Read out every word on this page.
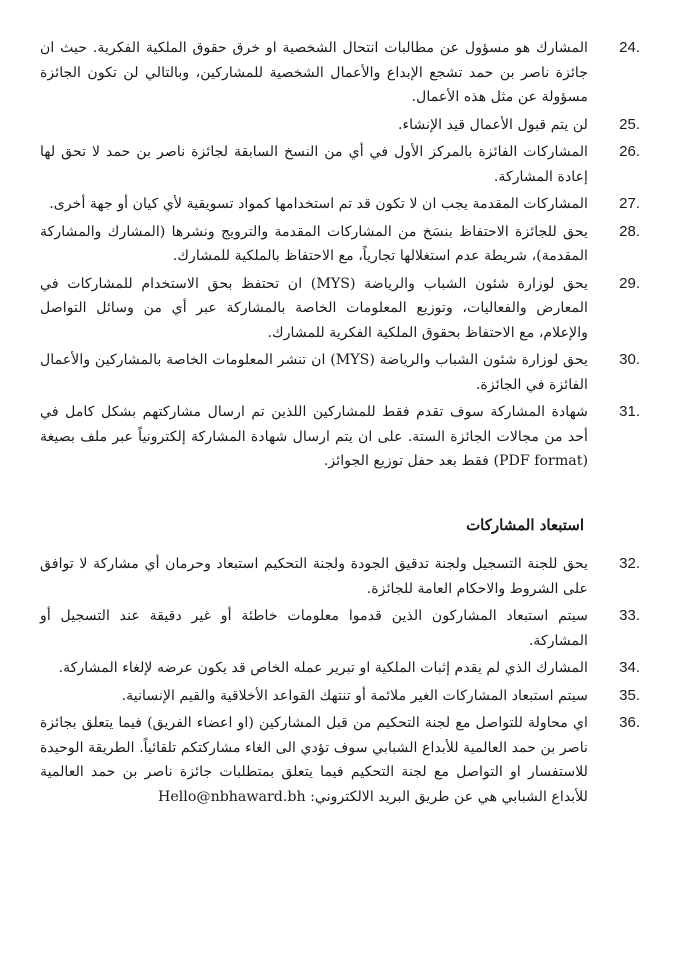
24.
المشارك هو مسؤول عن مطالبات انتحال الشخصية او خرق حقوق الملكية الفكرية. حيث ان جائزة ناصر بن حمد تشجع الإبداع والأعمال الشخصية للمشاركين، وبالتالي لن تكون الجائزة مسؤولة عن مثل هذه الأعمال.
25.
لن يتم قبول الأعمال قيد الإنشاء.
26.
المشاركات الفائزة بالمركز الأول في أي من النسخ السابقة لجائزة ناصر بن حمد لا تحق لها إعادة المشاركة.
27.
المشاركات المقدمة يجب ان لا تكون قد تم استخدامها كمواد تسويقية لأي كيان أو جهة أخرى.
28.
يحق للجائزة الاحتفاظ بنسَخ من المشاركات المقدمة والترويج ونشرها (المشارك والمشاركة المقدمة)، شريطة عدم استغلالها تجارياً، مع الاحتفاظ بالملكية للمشارك.
29.
يحق لوزارة شئون الشباب والرياضة (MYS) ان تحتفظ بحق الاستخدام للمشاركات في المعارض والفعاليات، وتوزيع المعلومات الخاصة بالمشاركة عبر أي من وسائل التواصل والإعلام، مع الاحتفاظ بحقوق الملكية الفكرية للمشارك.
30.
يحق لوزارة شئون الشباب والرياضة (MYS) ان تنشر المعلومات الخاصة بالمشاركين والأعمال الفائزة في الجائزة.
31.
شهادة المشاركة سوف تقدم فقط للمشاركين اللذين تم ارسال مشاركتهم بشكل كامل في أحد من مجالات الجائزة الستة. على ان يتم ارسال شهادة المشاركة إلكترونياً عبر ملف بصيغة (PDF format) فقط بعد حفل توزيع الجوائز.
استبعاد المشاركات
32.
يحق للجنة التسجيل ولجنة تدقيق الجودة ولجنة التحكيم استبعاد وحرمان أي مشاركة لا توافق على الشروط والاحكام العامة للجائزة.
33.
سيتم استبعاد المشاركون الذين قدموا معلومات خاطئة أو غير دقيقة عند التسجيل أو المشاركة.
34.
المشارك الذي لم يقدم إثبات الملكية او تبرير عمله الخاص قد يكون عرضه لإلغاء المشاركة.
35.
سيتم استبعاد المشاركات الغير ملائمة أو تنتهك القواعد الأخلاقية والقيم الإنسانية.
36.
اي محاولة للتواصل مع لجنة التحكيم من قبل المشاركين (او اعضاء الفريق) فيما يتعلق بجائزة ناصر بن حمد العالمية للأبداع الشبابي سوف تؤدي الى الغاء مشاركتكم تلقائياً. الطريقة الوحيدة للاستفسار او التواصل مع لجنة التحكيم فيما يتعلق بمتطلبات جائزة ناصر بن حمد العالمية للأبداع الشبابي هي عن طريق البريد الالكتروني: Hello@nbhaward.bh
